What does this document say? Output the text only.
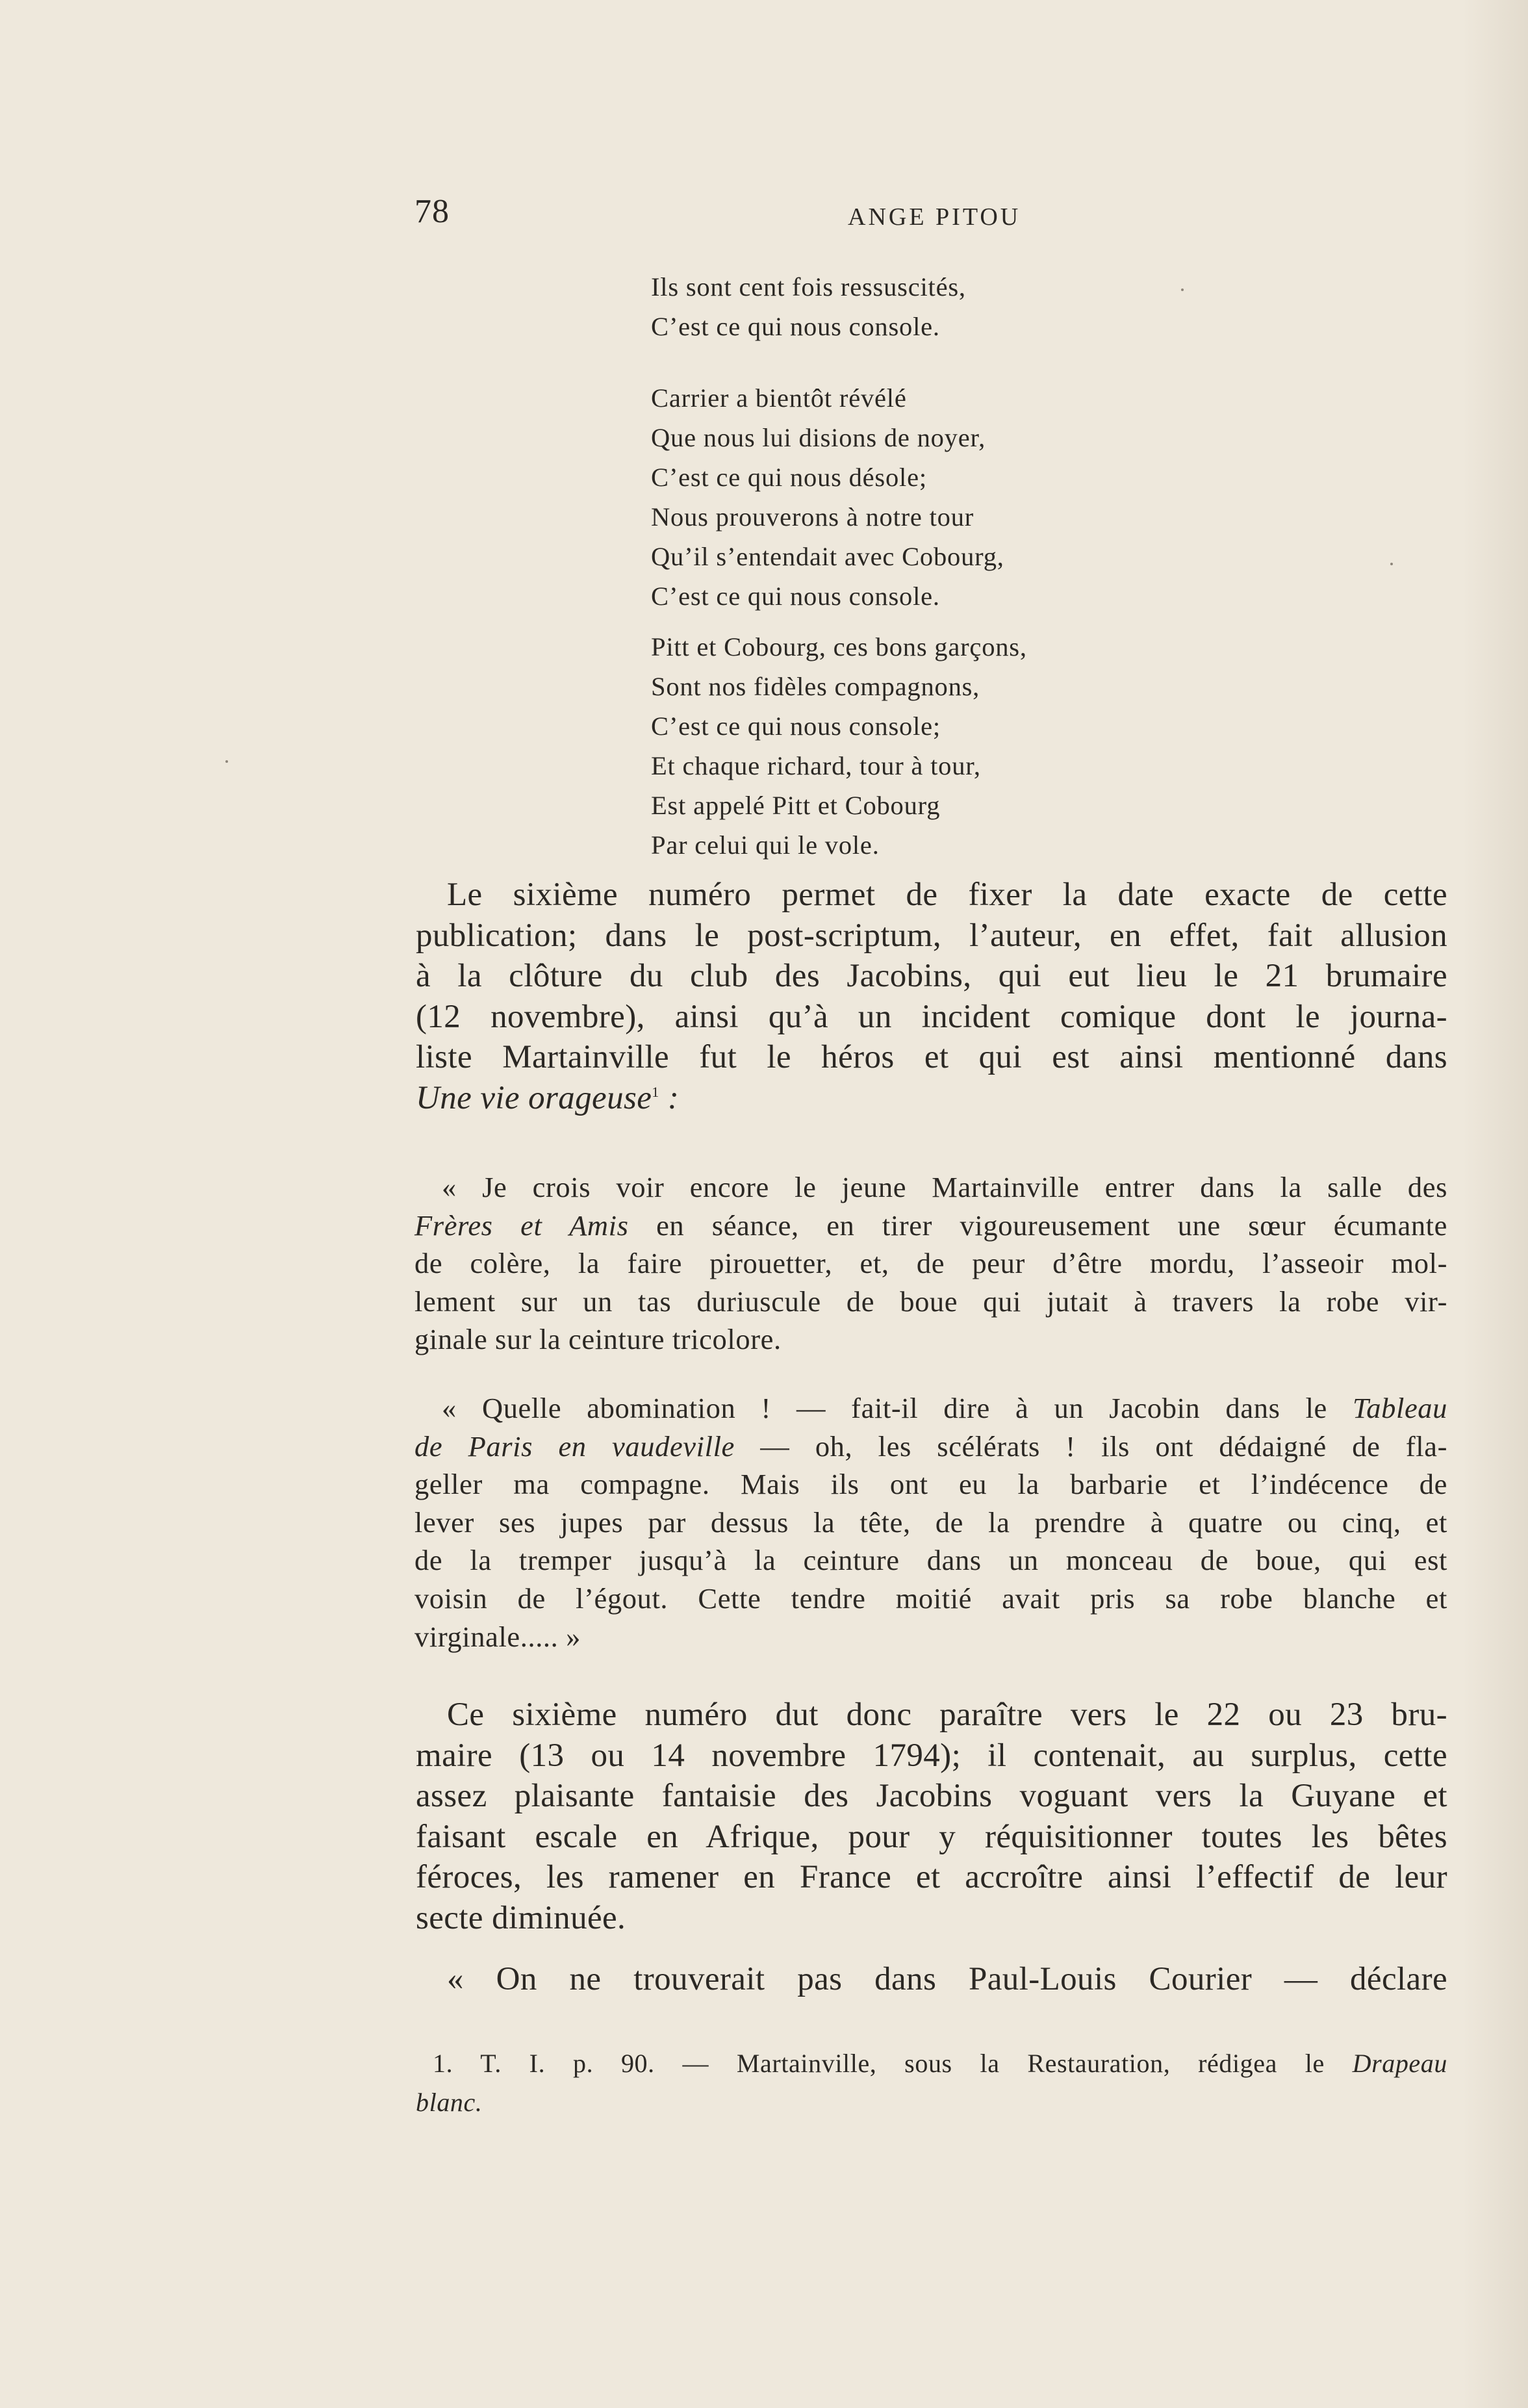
78	ANGE PITOU
Ils sont cent fois ressuscités,
C’est ce qui nous console.
Carrier a bientôt révélé
Que nous lui disions de noyer,
C’est ce qui nous désole;
Nous prouverons à notre tour
Qu’il s’entendait avec Cobourg,
C’est ce qui nous console.
Pitt et Cobourg, ces bons garçons,
Sont nos fidèles compagnons,
C’est ce qui nous console;
Et chaque richard, tour à tour,
Est appelé Pitt et Cobourg
Par celui qui le vole.
Le sixième numéro permet de fixer la date exacte de cette
publication; dans le post-scriptum, l’auteur, en effet, fait allusion
à la clôture du club des Jacobins, qui eut lieu le 21 brumaire
(12 novembre), ainsi qu’à un incident comique dont le journa-
liste Martainville fut le héros et qui est ainsi mentionné dans
Une vie orageuse$^1$ :
« Je crois voir encore le jeune Martainville entrer dans la salle des
Frères et Amis en séance, en tirer vigoureusement une sœur écumante
de colère, la faire pirouetter, et, de peur d’être mordu, l’asseoir mol-
lement sur un tas duriuscule de boue qui jutait à travers la robe vir-
ginale sur la ceinture tricolore.
« Quelle abomination ! — fait-il dire à un Jacobin dans le Tableau
de Paris en vaudeville — oh, les scélérats ! ils ont dédaigné de fla-
geller ma compagne. Mais ils ont eu la barbarie et l’indécence de
lever ses jupes par dessus la tête, de la prendre à quatre ou cinq, et
de la tremper jusqu’à la ceinture dans un monceau de boue, qui est
voisin de l’égout. Cette tendre moitié avait pris sa robe blanche et
virginale..... »
Ce sixième numéro dut donc paraître vers le 22 ou 23 bru-
maire (13 ou 14 novembre 1794); il contenait, au surplus, cette
assez plaisante fantaisie des Jacobins voguant vers la Guyane et
faisant escale en Afrique, pour y réquisitionner toutes les bêtes
féroces, les ramener en France et accroître ainsi l’effectif de leur
secte diminuée.
« On ne trouverait pas dans Paul-Louis Courier — déclare
1. T. I. p. 90. — Martainville, sous la Restauration, rédigea le Drapeau
blanc.
